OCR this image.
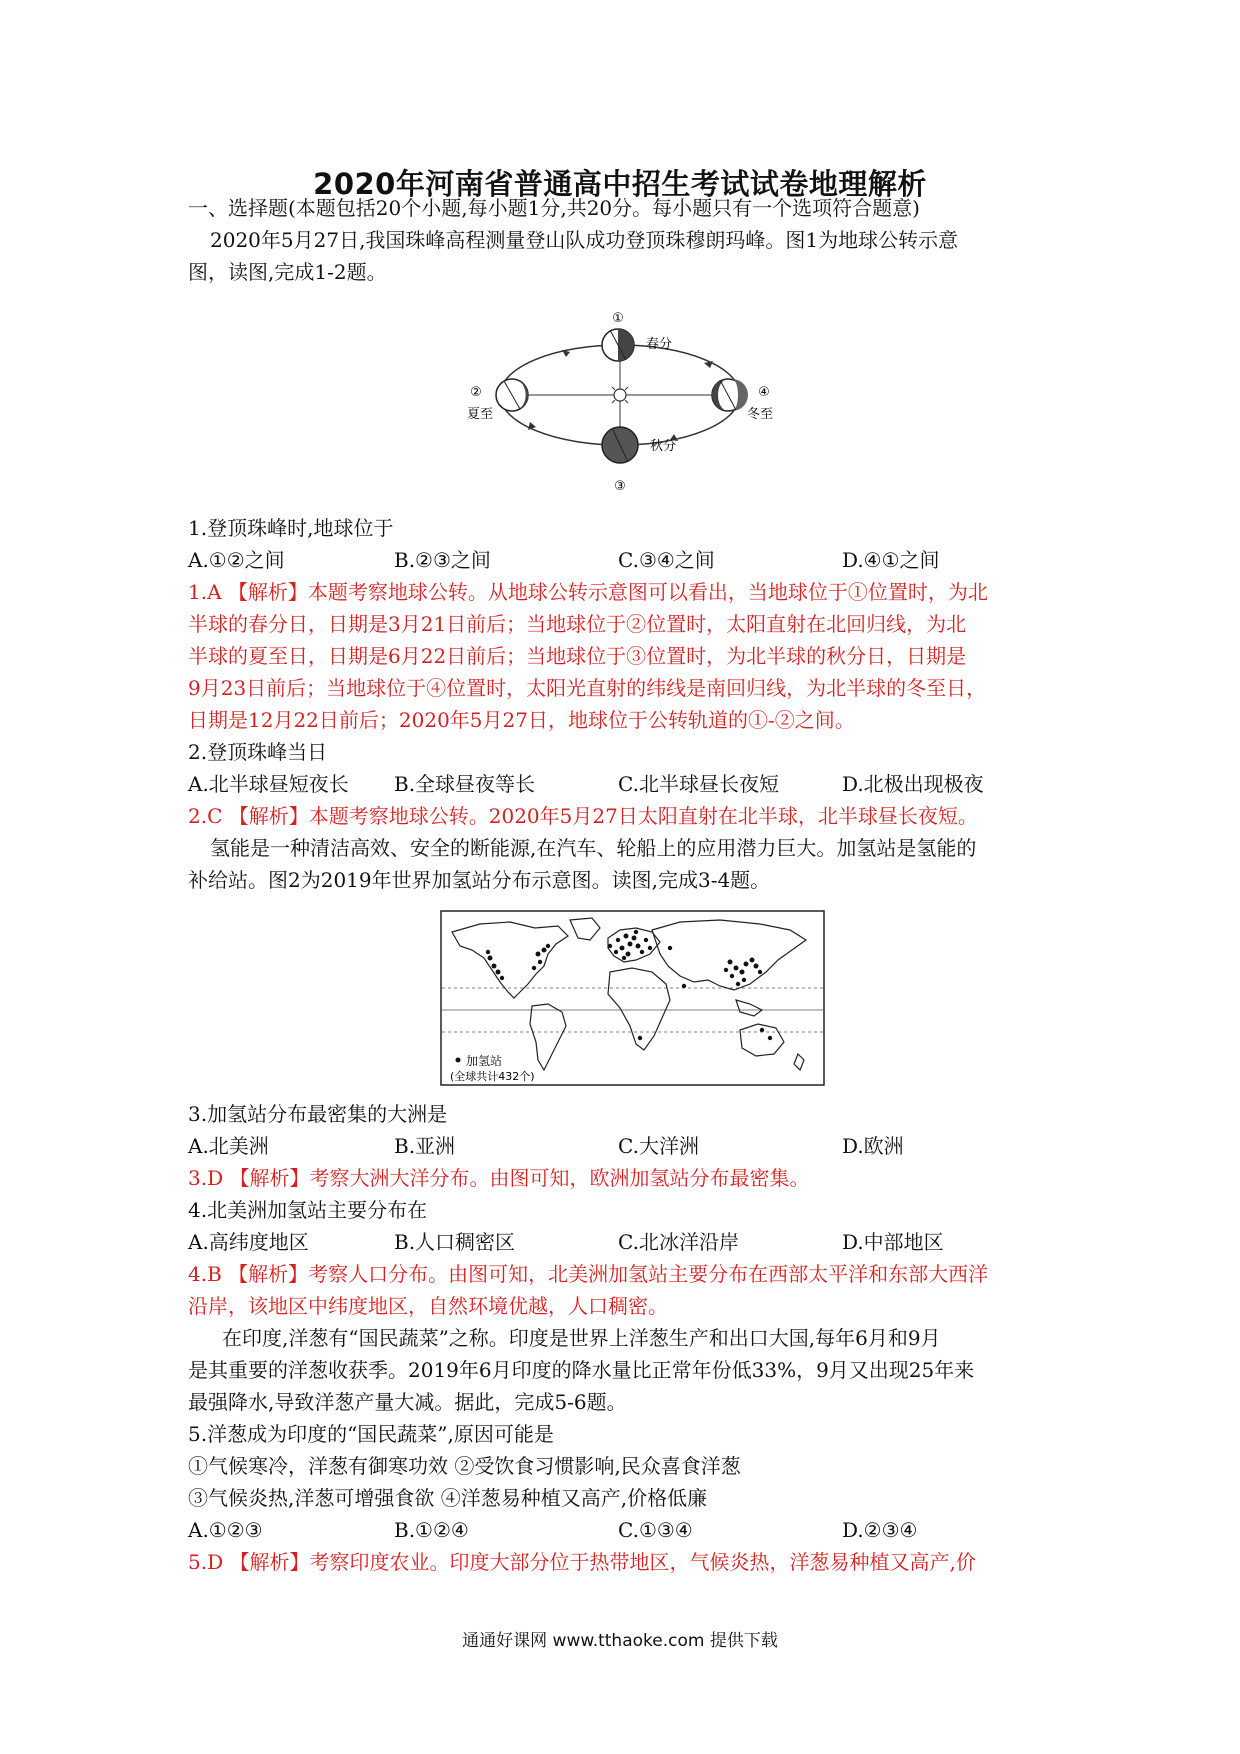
2020年河南省普通高中招生考试试卷地理解析
一、选择题(本题包括20个小题,每小题1分,共20分。每小题只有一个选项符合题意)
2020年5月27日,我国珠峰高程测量登山队成功登顶珠穆朗玛峰。图1为地球公转示意
图，读图,完成1-2题。
①
春分
②
夏至
④
冬至
秋分
③
1.登顶珠峰时,地球位于
A.①②之间	B.②③之间	C.③④之间	D.④①之间
1.A 【解析】本题考察地球公转。从地球公转示意图可以看出，当地球位于①位置时，为北
半球的春分日，日期是3月21日前后；当地球位于②位置时，太阳直射在北回归线，为北
半球的夏至日，日期是6月22日前后；当地球位于③位置时，为北半球的秋分日，日期是
9月23日前后；当地球位于④位置时，太阳光直射的纬线是南回归线，为北半球的冬至日，
日期是12月22日前后；2020年5月27日，地球位于公转轨道的①-②之间。
2.登顶珠峰当日
A.北半球昼短夜长 B.全球昼夜等长	C.北半球昼长夜短	D.北极出现极夜
2.C 【解析】本题考察地球公转。2020年5月27日太阳直射在北半球，北半球昼长夜短。
氢能是一种清洁高效、安全的断能源,在汽车、轮船上的应用潜力巨大。加氢站是氢能的
补给站。图2为2019年世界加氢站分布示意图。读图,完成3-4题。
加氢站
(全球共计432个)
3.加氢站分布最密集的大洲是
A.北美洲	B.亚洲	C.大洋洲	D.欧洲
3.D 【解析】考察大洲大洋分布。由图可知，欧洲加氢站分布最密集。
4.北美洲加氢站主要分布在
A.高纬度地区	B.人口稠密区	C.北冰洋沿岸	D.中部地区
4.B 【解析】考察人口分布。由图可知，北美洲加氢站主要分布在西部太平洋和东部大西洋
沿岸，该地区中纬度地区，自然环境优越，人口稠密。
在印度,洋葱有“国民蔬菜”之称。印度是世界上洋葱生产和出口大国,每年6月和9月
是其重要的洋葱收获季。2019年6月印度的降水量比正常年份低33%，9月又出现25年来
最强降水,导致洋葱产量大减。据此，完成5-6题。
5.洋葱成为印度的“国民蔬菜”,原因可能是
①气候寒冷，洋葱有御寒功效 ②受饮食习惯影响,民众喜食洋葱
③气候炎热,洋葱可增强食欲 ④洋葱易种植又高产,价格低廉
A.①②③	B.①②④	C.①③④	D.②③④
5.D 【解析】考察印度农业。印度大部分位于热带地区，气候炎热，洋葱易种植又高产,价
通通好课网 www.tthaoke.com 提供下载
